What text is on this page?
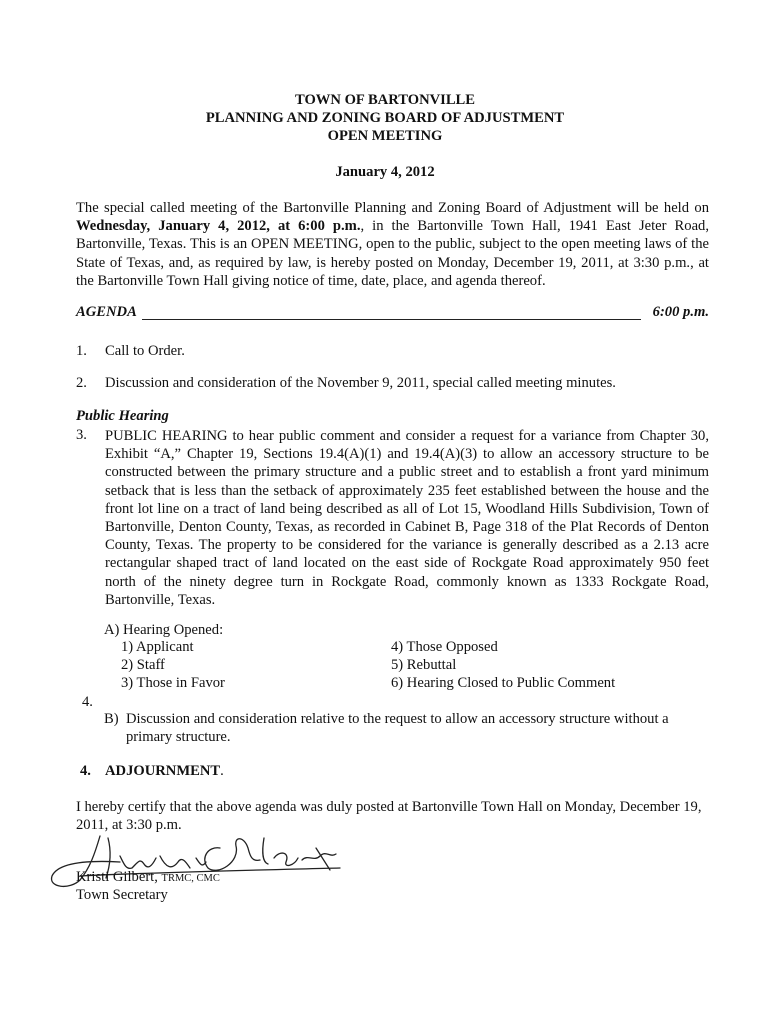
TOWN OF BARTONVILLE
PLANNING AND ZONING BOARD OF ADJUSTMENT
OPEN MEETING
January 4, 2012
The special called meeting of the Bartonville Planning and Zoning Board of Adjustment will be held on Wednesday, January 4, 2012, at 6:00 p.m., in the Bartonville Town Hall, 1941 East Jeter Road, Bartonville, Texas. This is an OPEN MEETING, open to the public, subject to the open meeting laws of the State of Texas, and, as required by law, is hereby posted on Monday, December 19, 2011, at 3:30 p.m., at the Bartonville Town Hall giving notice of time, date, place, and agenda thereof.
AGENDA	6:00 p.m.
1. Call to Order.
2. Discussion and consideration of the November 9, 2011, special called meeting minutes.
Public Hearing
3. PUBLIC HEARING to hear public comment and consider a request for a variance from Chapter 30, Exhibit “A,” Chapter 19, Sections 19.4(A)(1) and 19.4(A)(3) to allow an accessory structure to be constructed between the primary structure and a public street and to establish a front yard minimum setback that is less than the setback of approximately 235 feet established between the house and the front lot line on a tract of land being described as all of Lot 15, Woodland Hills Subdivision, Town of Bartonville, Denton County, Texas, as recorded in Cabinet B, Page 318 of the Plat Records of Denton County, Texas. The property to be considered for the variance is generally described as a 2.13 acre rectangular shaped tract of land located on the east side of Rockgate Road approximately 950 feet north of the ninety degree turn in Rockgate Road, commonly known as 1333 Rockgate Road, Bartonville, Texas.
A) Hearing Opened:
1) Applicant
2) Staff
3) Those in Favor
4) Those Opposed
5) Rebuttal
6) Hearing Closed to Public Comment
4.
B) Discussion and consideration relative to the request to allow an accessory structure without a primary structure.
4. ADJOURNMENT.
I hereby certify that the above agenda was duly posted at Bartonville Town Hall on Monday, December 19, 2011, at 3:30 p.m.
Kristi Gilbert, TRMC, CMC
Town Secretary
